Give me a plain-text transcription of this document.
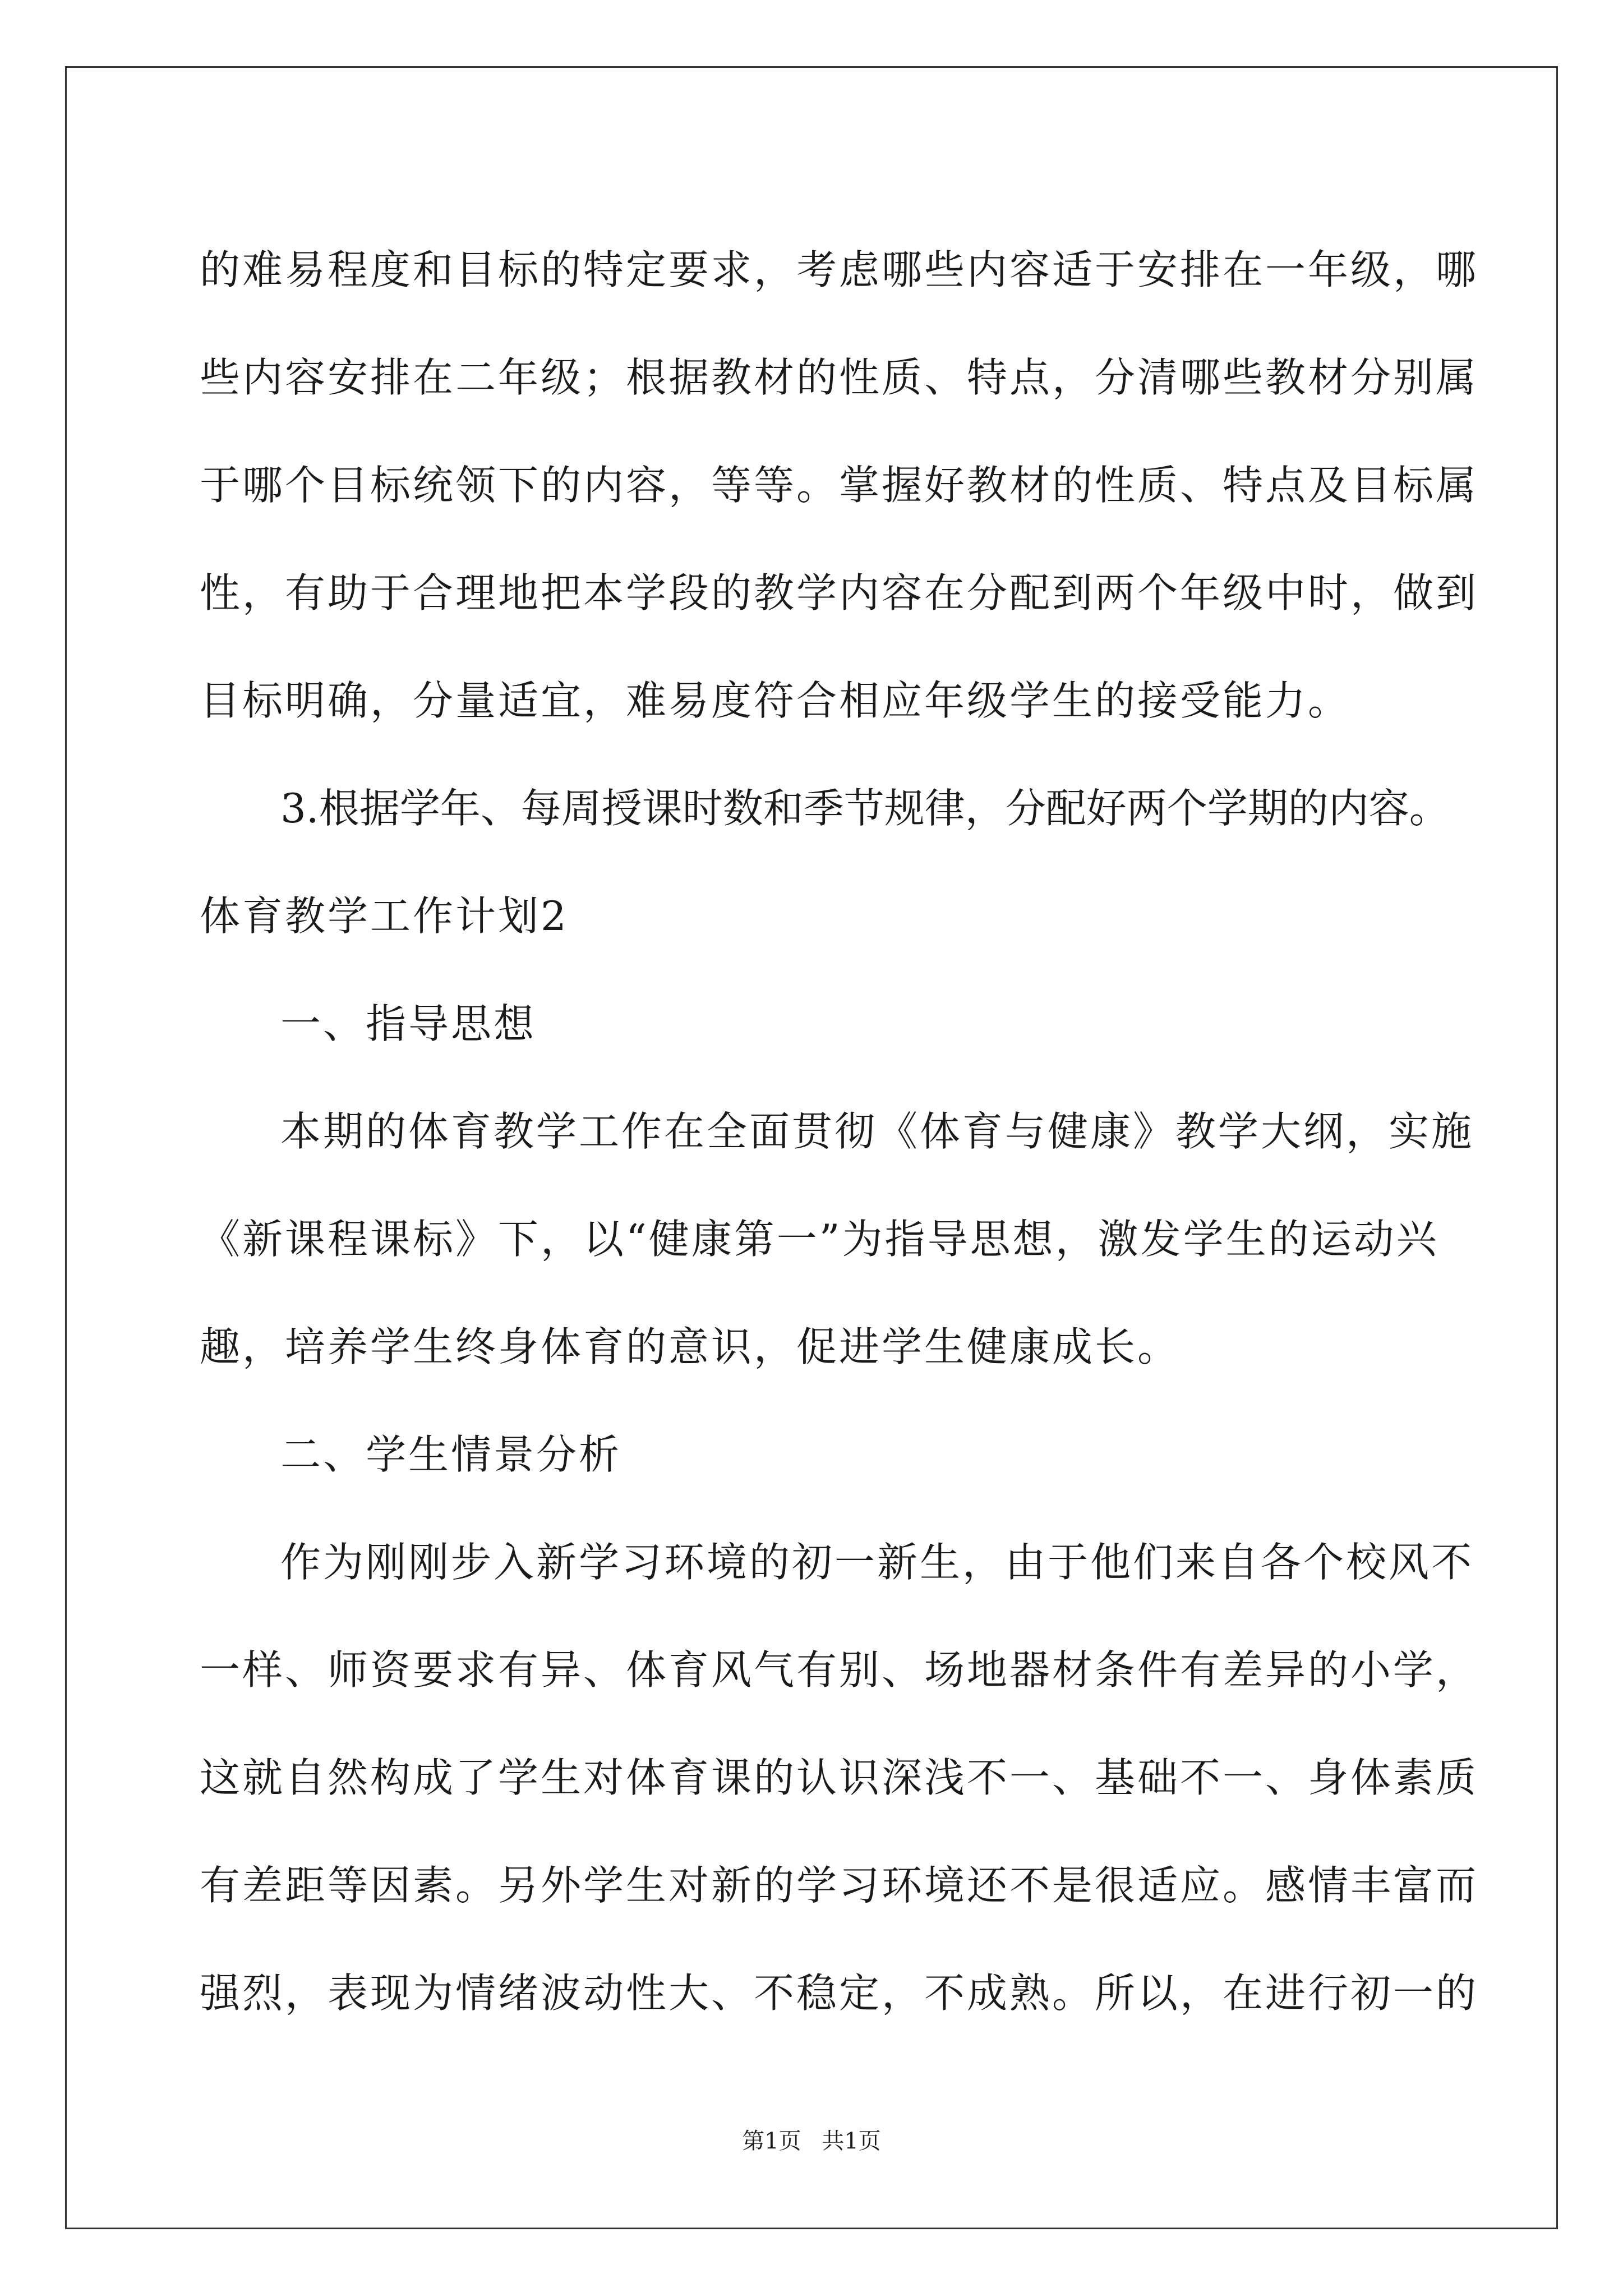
的难易程度和目标的特定要求，考虑哪些内容适于安排在一年级，哪
些内容安排在二年级；根据教材的性质、特点，分清哪些教材分别属
于哪个目标统领下的内容，等等。掌握好教材的性质、特点及目标属
性，有助于合理地把本学段的教学内容在分配到两个年级中时，做到
目标明确，分量适宜，难易度符合相应年级学生的接受能力。
3.根据学年、每周授课时数和季节规律，分配好两个学期的内容。
体育教学工作计划2
一、指导思想
本期的体育教学工作在全面贯彻《体育与健康》教学大纲，实施
《新课程课标》下，以“健康第一”为指导思想，激发学生的运动兴
趣，培养学生终身体育的意识，促进学生健康成长。
二、学生情景分析
作为刚刚步入新学习环境的初一新生，由于他们来自各个校风不
一样、师资要求有异、体育风气有别、场地器材条件有差异的小学，
这就自然构成了学生对体育课的认识深浅不一、基础不一、身体素质
有差距等因素。另外学生对新的学习环境还不是很适应。感情丰富而
强烈，表现为情绪波动性大、不稳定，不成熟。所以，在进行初一的
第1页 共1页
